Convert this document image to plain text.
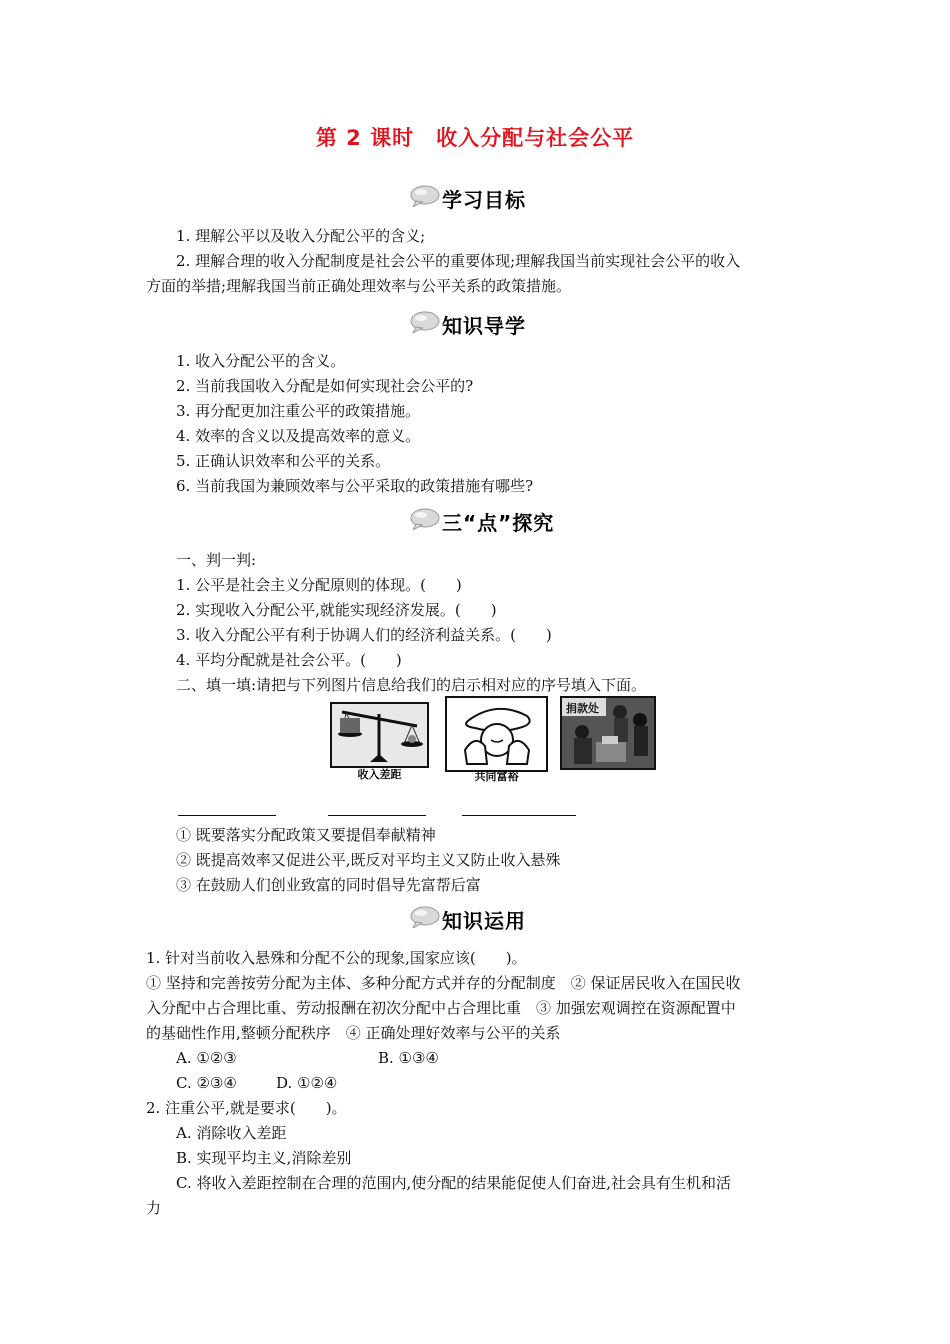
第 2 课时　收入分配与社会公平
学习目标
1. 理解公平以及收入分配公平的含义;
2. 理解合理的收入分配制度是社会公平的重要体现;理解我国当前实现社会公平的收入
方面的举措;理解我国当前正确处理效率与公平关系的政策措施。
知识导学
1. 收入分配公平的含义。
2. 当前我国收入分配是如何实现社会公平的?
3. 再分配更加注重公平的政策措施。
4. 效率的含义以及提高效率的意义。
5. 正确认识效率和公平的关系。
6. 当前我国为兼顾效率与公平采取的政策措施有哪些?
三“点”探究
一、判一判:
1. 公平是社会主义分配原则的体现。(　　)
2. 实现收入分配公平,就能实现经济发展。(　　)
3. 收入分配公平有利于协调人们的经济利益关系。(　　)
4. 平均分配就是社会公平。(　　)
二、填一填:请把与下列图片信息给我们的启示相对应的序号填入下面。
收入差距	共同富裕
捐款处
① 既要落实分配政策又要提倡奉献精神
② 既提高效率又促进公平,既反对平均主义又防止收入悬殊
③ 在鼓励人们创业致富的同时倡导先富帮后富
知识运用
1. 针对当前收入悬殊和分配不公的现象,国家应该(　　)。
① 坚持和完善按劳分配为主体、多种分配方式并存的分配制度　② 保证居民收入在国民收
入分配中占合理比重、劳动报酬在初次分配中占合理比重　③ 加强宏观调控在资源配置中
的基础性作用,整顿分配秩序　④ 正确处理好效率与公平的关系
A. ①②③	B. ①③④
C. ②③④	D. ①②④
2. 注重公平,就是要求(　　)。
A. 消除收入差距
B. 实现平均主义,消除差别
C. 将收入差距控制在合理的范围内,使分配的结果能促使人们奋进,社会具有生机和活
力
